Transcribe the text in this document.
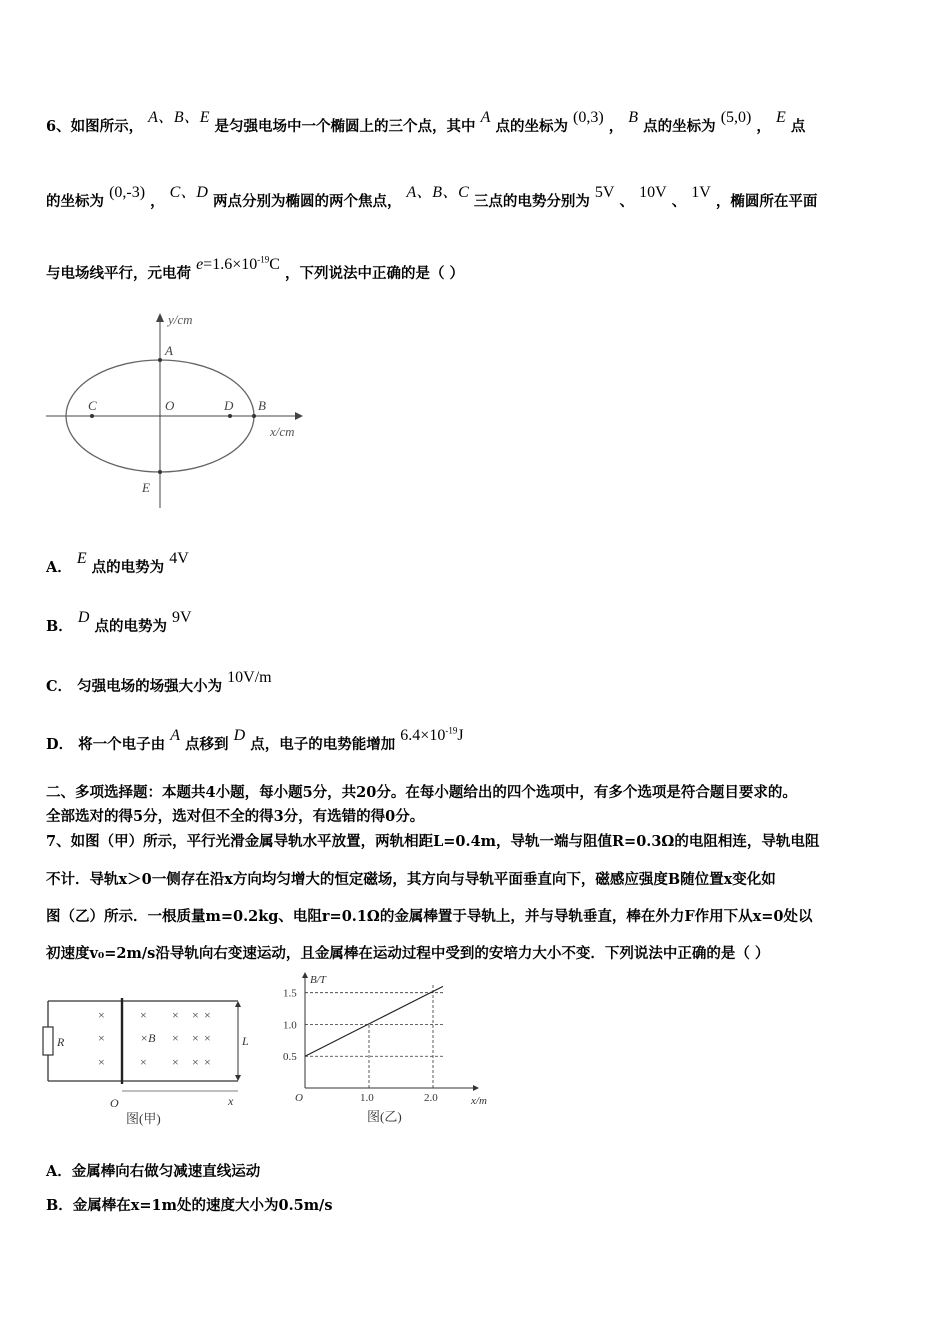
6、如图所示， A、B、E 是匀强电场中一个椭圆上的三个点，其中 A 点的坐标为 (0,3) ， B 点的坐标为 (5,0) ， E 点
的坐标为 (0,-3) ， C、D 两点分别为椭圆的两个焦点， A、B、C 三点的电势分别为 5V 、 10V 、 1V ，椭圆所在平面
与电场线平行，元电荷 $e=1.6\times 10^{-19}C$ ，下列说法中正确的是（ ）
y/cm
x/cm
A
B
C	D
O
E
A． E 点的电势为 4V
B． D 点的电势为 9V
C． 匀强电场的场强大小为 10V/m
D． 将一个电子由 A 点移到 D 点，电子的电势能增加 $6.4\times 10^{-19}J$
二、多项选择题：本题共4小题，每小题5分，共20分。在每小题给出的四个选项中，有多个选项是符合题目要求的。
全部选对的得5分，选对但不全的得3分，有选错的得0分。
7、如图（甲）所示，平行光滑金属导轨水平放置，两轨相距L=0.4m，导轨一端与阻值R=0.3Ω的电阻相连，导轨电阻
不计．导轨x＞0一侧存在沿x方向均匀增大的恒定磁场，其方向与导轨平面垂直向下，磁感应强度B随位置x变化如
图（乙）所示．一根质量m=0.2kg、电阻r=0.1Ω的金属棒置于导轨上，并与导轨垂直，棒在外力F作用下从x=0处以
初速度v₀=2m/s沿导轨向右变速运动，且金属棒在运动过程中受到的安培力大小不变．下列说法中正确的是（ ）
R
×
×
×
×
×B
×
×
×
×
×
×
×
×
×
×
L
O	x
图(甲)
1.5
1.0
0.5
1.0	2.0
O
B/T
x/m
图(乙)
A．金属棒向右做匀减速直线运动
B．金属棒在x=1m处的速度大小为0.5m/s
